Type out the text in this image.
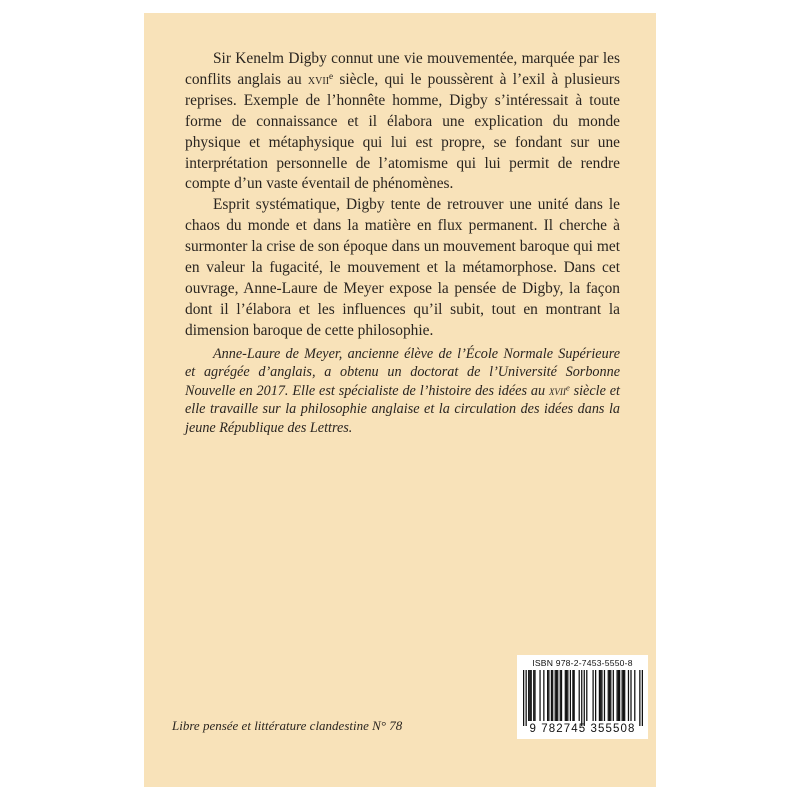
Sir Kenelm Digby connut une vie mouvementée, marquée par les conflits anglais au xvii$^e$ siècle, qui le poussèrent à l’exil à plusieurs reprises. Exemple de l’honnête homme, Digby s’intéressait à toute forme de connaissance et il élabora une explication du monde physique et métaphysique qui lui est propre, se fondant sur une interprétation personnelle de l’atomisme qui lui permit de rendre compte d’un vaste éventail de phénomènes.

Esprit systématique, Digby tente de retrouver une unité dans le chaos du monde et dans la matière en flux permanent. Il cherche à surmonter la crise de son époque dans un mouvement baroque qui met en valeur la fugacité, le mouvement et la métamorphose. Dans cet ouvrage, Anne-Laure de Meyer expose la pensée de Digby, la façon dont il l’élabora et les influences qu’il subit, tout en montrant la dimension baroque de cette philosophie.

Anne-Laure de Meyer, ancienne élève de l’École Normale Supérieure et agrégée d’anglais, a obtenu un doctorat de l’Université Sorbonne Nouvelle en 2017. Elle est spécialiste de l’histoire des idées au xvii$^e$ siècle et elle travaille sur la philosophie anglaise et la circulation des idées dans la jeune République des Lettres.

Libre pensée et littérature clandestine N° 78
ISBN 978-2-7453-5550-8
9 782745 355508
